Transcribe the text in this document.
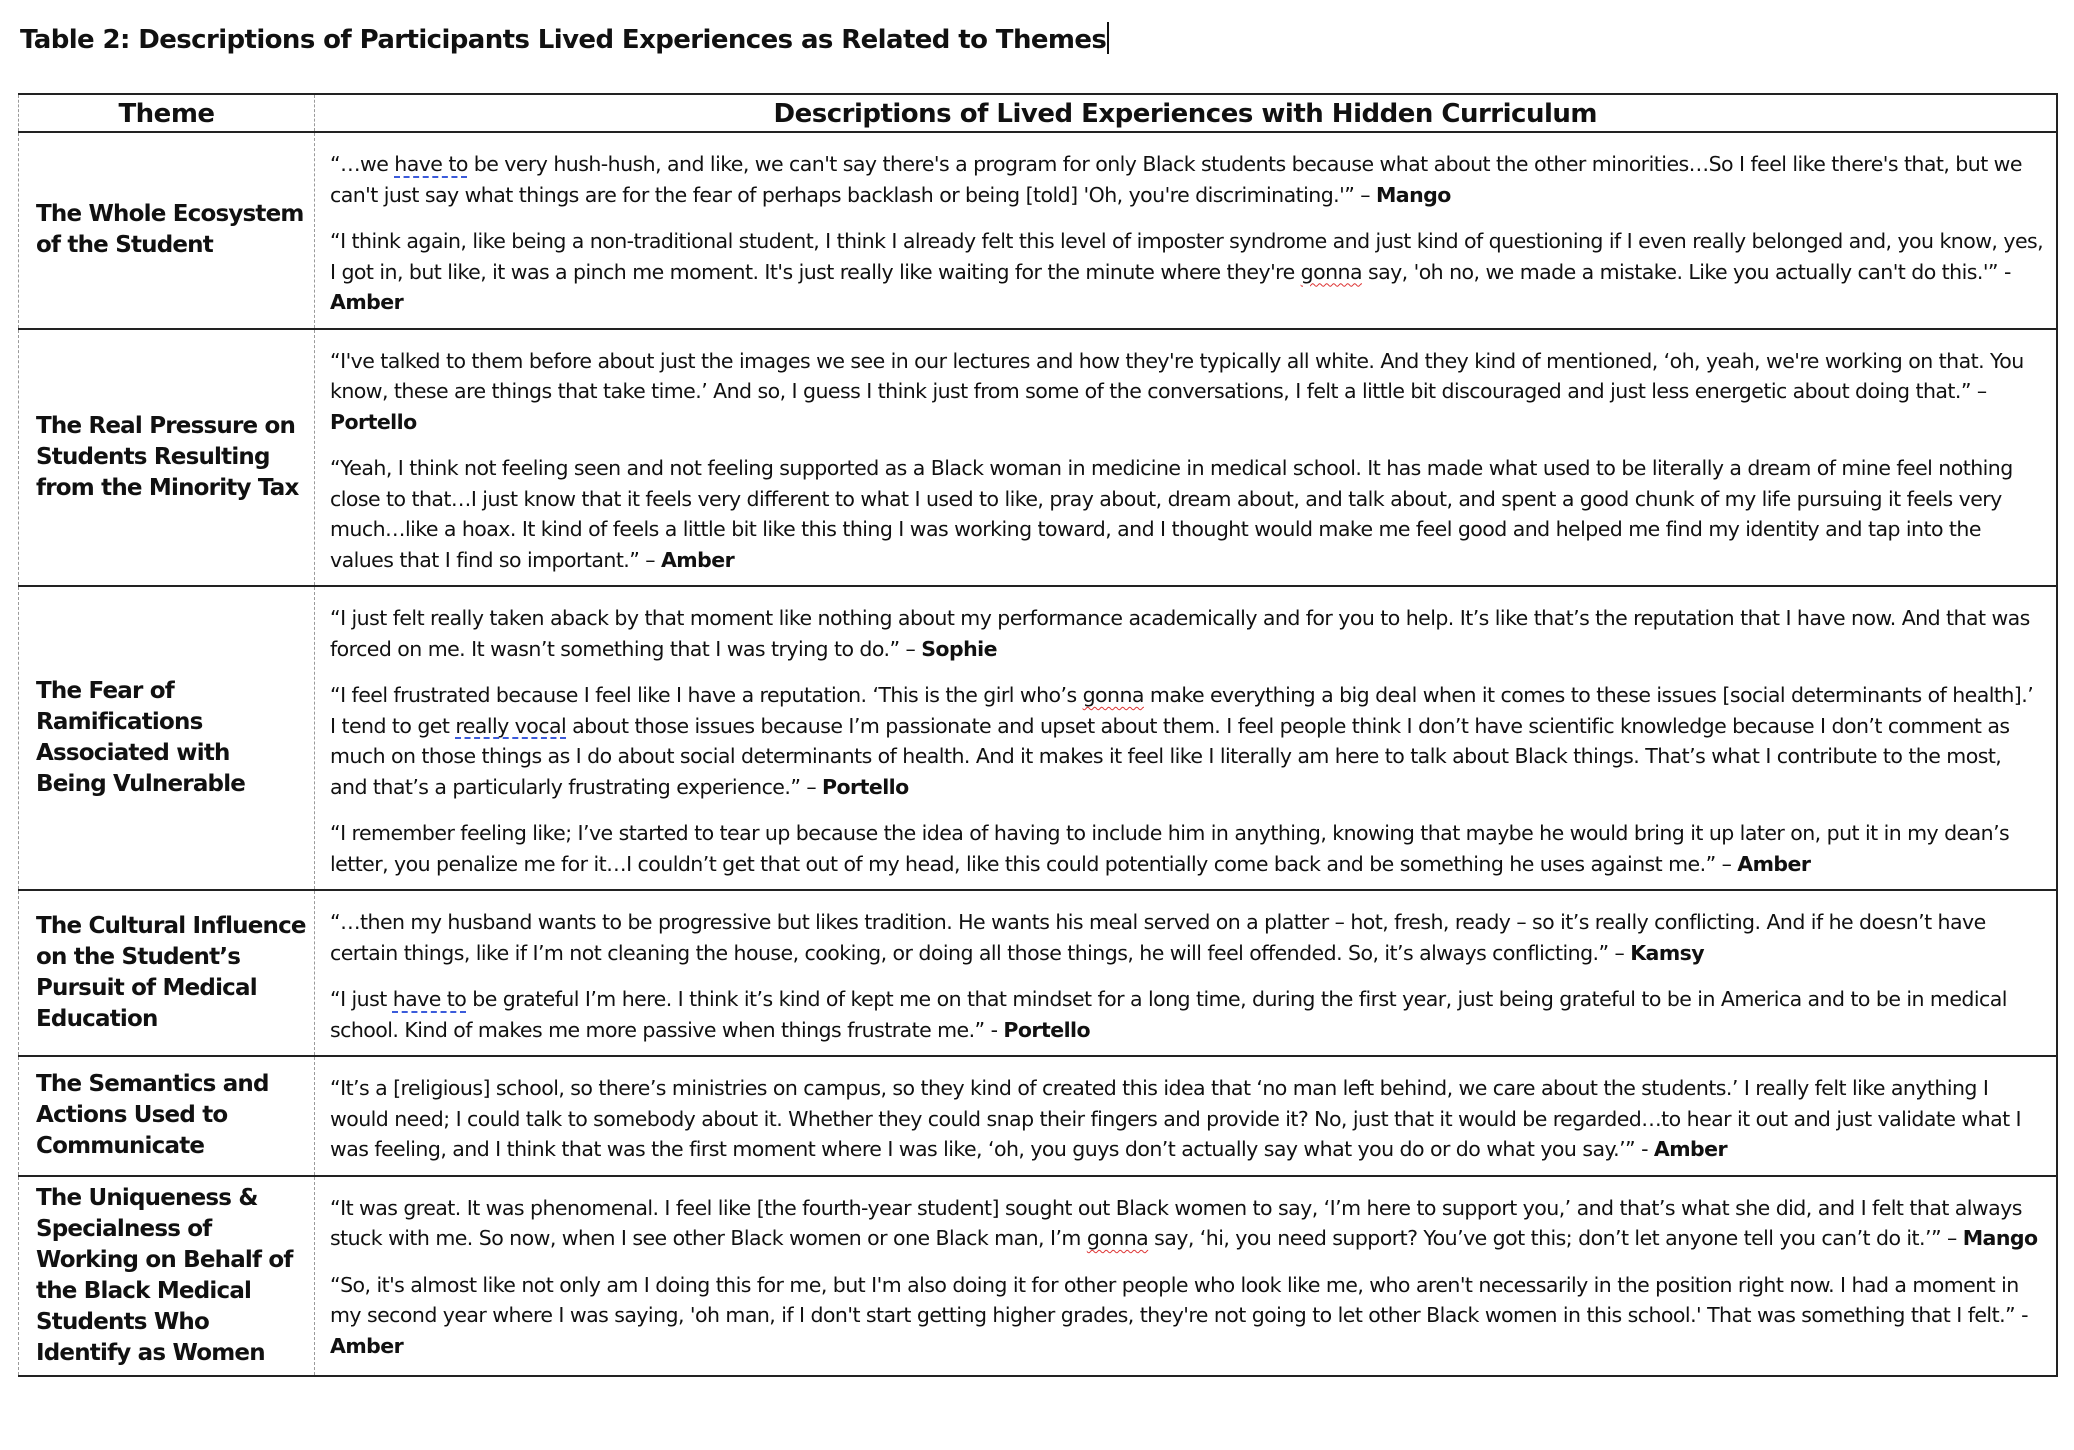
Table 2: Descriptions of Participants Lived Experiences as Related to Themes
Theme	Descriptions of Lived Experiences with Hidden Curriculum
The Whole Ecosystem of the Student	“…we have to be very hush-hush, and like, we can't say there's a program for only Black students because what about the other minorities…So I feel like there's that, but we can't just say what things are for the fear of perhaps backlash or being [told] 'Oh, you're discriminating.'” – Mango
“I think again, like being a non-traditional student, I think I already felt this level of imposter syndrome and just kind of questioning if I even really belonged and, you know, yes, I got in, but like, it was a pinch me moment. It's just really like waiting for the minute where they're gonna say, 'oh no, we made a mistake. Like you actually can't do this.'” - Amber

The Real Pressure on Students Resulting from the Minority Tax	“I've talked to them before about just the images we see in our lectures and how they're typically all white. And they kind of mentioned, ‘oh, yeah, we're working on that. You know, these are things that take time.’ And so, I guess I think just from some of the conversations, I felt a little bit discouraged and just less energetic about doing that.” – Portello
“Yeah, I think not feeling seen and not feeling supported as a Black woman in medicine in medical school. It has made what used to be literally a dream of mine feel nothing close to that…I just know that it feels very different to what I used to like, pray about, dream about, and talk about, and spent a good chunk of my life pursuing it feels very much…like a hoax. It kind of feels a little bit like this thing I was working toward, and I thought would make me feel good and helped me find my identity and tap into the values that I find so important.” – Amber

The Fear of Ramifications Associated with Being Vulnerable	“I just felt really taken aback by that moment like nothing about my performance academically and for you to help. It’s like that’s the reputation that I have now. And that was forced on me. It wasn’t something that I was trying to do.” – Sophie
“I feel frustrated because I feel like I have a reputation. ‘This is the girl who’s gonna make everything a big deal when it comes to these issues [social determinants of health].’ I tend to get really vocal about those issues because I’m passionate and upset about them. I feel people think I don’t have scientific knowledge because I don’t comment as much on those things as I do about social determinants of health. And it makes it feel like I literally am here to talk about Black things. That’s what I contribute to the most, and that’s a particularly frustrating experience.” – Portello
“I remember feeling like; I’ve started to tear up because the idea of having to include him in anything, knowing that maybe he would bring it up later on, put it in my dean’s letter, you penalize me for it…I couldn’t get that out of my head, like this could potentially come back and be something he uses against me.” – Amber

The Cultural Influence on the Student’s Pursuit of Medical Education	“…then my husband wants to be progressive but likes tradition. He wants his meal served on a platter – hot, fresh, ready – so it’s really conflicting. And if he doesn’t have certain things, like if I’m not cleaning the house, cooking, or doing all those things, he will feel offended. So, it’s always conflicting.” – Kamsy
“I just have to be grateful I’m here. I think it’s kind of kept me on that mindset for a long time, during the first year, just being grateful to be in America and to be in medical school. Kind of makes me more passive when things frustrate me.” - Portello

The Semantics and Actions Used to Communicate	“It’s a [religious] school, so there’s ministries on campus, so they kind of created this idea that ‘no man left behind, we care about the students.’ I really felt like anything I would need; I could talk to somebody about it. Whether they could snap their fingers and provide it? No, just that it would be regarded…to hear it out and just validate what I was feeling, and I think that was the first moment where I was like, ‘oh, you guys don’t actually say what you do or do what you say.’” - Amber

The Uniqueness & Specialness of Working on Behalf of the Black Medical Students Who Identify as Women	“It was great. It was phenomenal. I feel like [the fourth-year student] sought out Black women to say, ‘I’m here to support you,’ and that’s what she did, and I felt that always stuck with me. So now, when I see other Black women or one Black man, I’m gonna say, ‘hi, you need support? You’ve got this; don’t let anyone tell you can’t do it.’” – Mango
“So, it's almost like not only am I doing this for me, but I'm also doing it for other people who look like me, who aren't necessarily in the position right now. I had a moment in my second year where I was saying, 'oh man, if I don't start getting higher grades, they're not going to let other Black women in this school.' That was something that I felt.” - Amber
